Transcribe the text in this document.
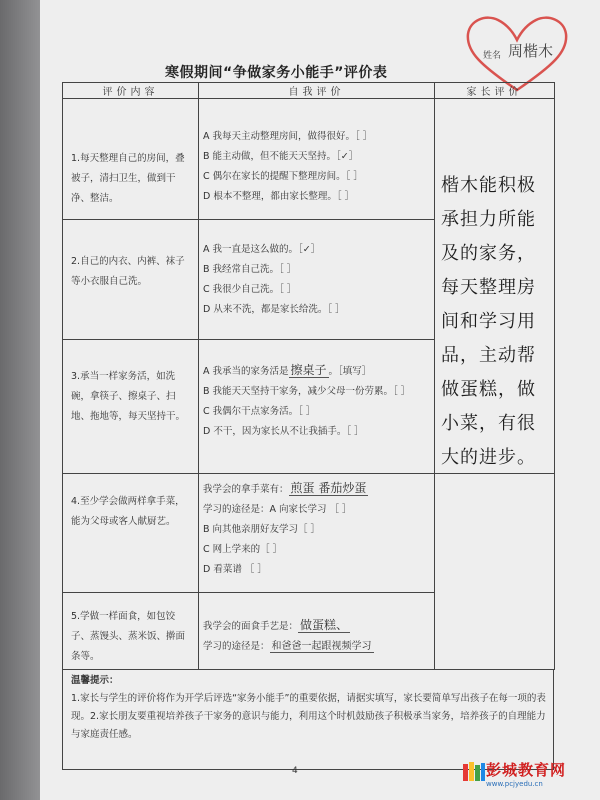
姓名 周楷木
寒假期间“争做家务小能手”评价表
评价内容	自我评价	家长评价

1.每天整理自己的房间，叠被子，清扫卫生，做到干净、整洁。	A 我每天主动整理房间，做得很好。［ ］
B 能主动做，但不能天天坚持。［✓］
C 偶尔在家长的提醒下整理房间。［ ］
D 根本不整理，都由家长整理。［ ］	楷木能积极承担力所能及的家务，每天整理房间和学习用品，主动帮做蛋糕，做小菜，有很大的进步。

2.自己的内衣、内裤、袜子等小衣服自己洗。	A 我一直是这么做的。［✓］
B 我经常自己洗。［ ］
C 我很少自己洗。［ ］
D 从来不洗，都是家长给洗。［ ］	

3.承当一样家务活，如洗碗，拿筷子、擦桌子、扫地、拖地等，每天坚持干。	A 我承当的家务活是 擦桌子 。［填写］
B 我能天天坚持干家务，减少父母一份劳累。［ ］
C 我偶尔干点家务活。［ ］
D 不干，因为家长从不让我插手。［ ］	

4.至少学会做两样拿手菜，能为父母或客人献厨艺。	我学会的拿手菜有： 煎蛋 番茄炒蛋
学习的途径是：A 向家长学习 ［ ］
B 向其他亲朋好友学习［ ］
C 网上学来的［ ］
D 看菜谱 ［ ］	

5.学做一样面食，如包饺子、蒸馒头、蒸米饭、擀面条等。	我学会的面食手艺是： 做蛋糕、
学习的途径是： 和爸爸一起跟视频学习	
温馨提示：
1.家长与学生的评价将作为开学后评选“家务小能手”的重要依据，请据实填写，家长要简单写出孩子在每一项的表现。2.家长朋友要重视培养孩子干家务的意识与能力，利用这个时机鼓励孩子积极承当家务，培养孩子的自理能力与家庭责任感。
4	彭城教育网
www.pcjyedu.cn
